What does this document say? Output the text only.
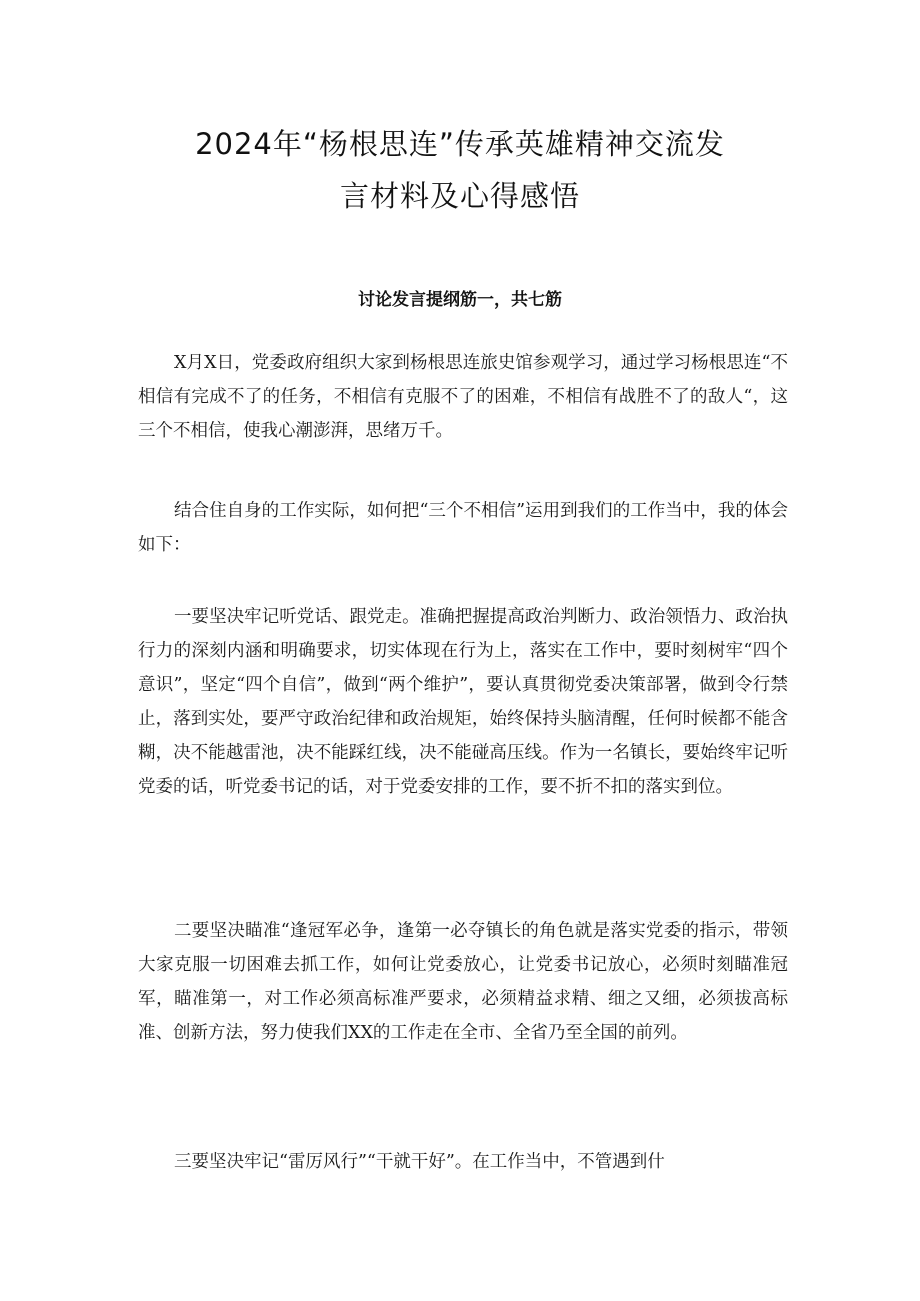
2024年“杨根思连”传承英雄精神交流发
言材料及心得感悟

讨论发言提纲筋一，共七筋

X月X日，党委政府组织大家到杨根思连旅史馆参观学习，通过学习杨根思连“不相信有完成不了的任务，不相信有克服不了的困难，不相信有战胜不了的敌人“，这三个不相信，使我心潮澎湃，思绪万千。

结合住自身的工作实际，如何把“三个不相信”运用到我们的工作当中，我的体会如下：

一要坚决牢记听党话、跟党走。准确把握提高政治判断力、政治领悟力、政治执行力的深刻内涵和明确要求，切实体现在行为上，落实在工作中，要时刻树牢“四个意识”，坚定“四个自信”，做到“两个维护”，要认真贯彻党委决策部署，做到令行禁止，落到实处，要严守政治纪律和政治规矩，始终保持头脑清醒，任何时候都不能含糊，决不能越雷池，决不能踩红线，决不能碰高压线。作为一名镇长，要始终牢记听党委的话，听党委书记的话，对于党委安排的工作，要不折不扣的落实到位。

二要坚决瞄准“逢冠军必争，逢第一必夺镇长的角色就是落实党委的指示，带领大家克服一切困难去抓工作，如何让党委放心，让党委书记放心，必须时刻瞄准冠军，瞄准第一，对工作必须高标准严要求，必须精益求精、细之又细，必须拔高标准、创新方法，努力使我们XX的工作走在全市、全省乃至全国的前列。

三要坚决牢记“雷厉风行”“干就干好”。在工作当中，不管遇到什
